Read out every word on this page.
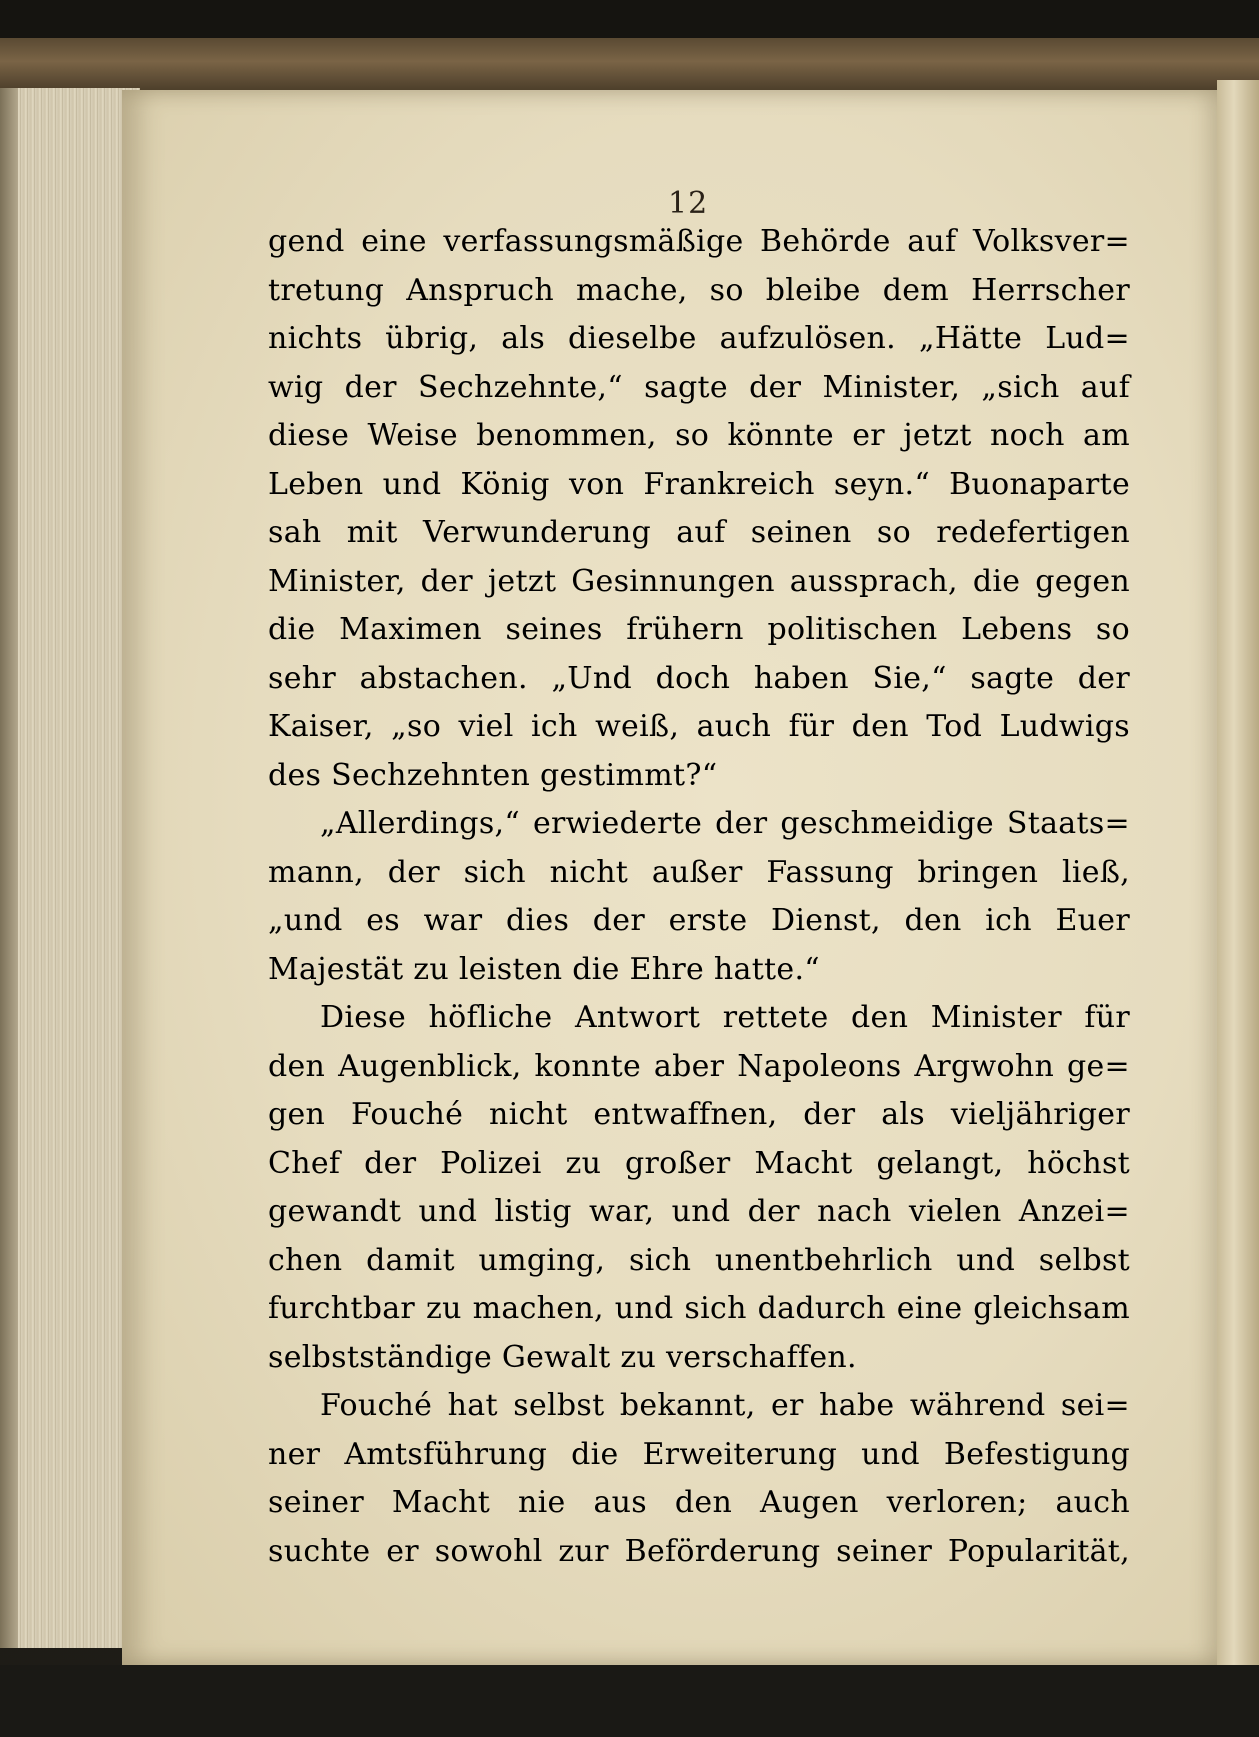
12
gend eine verfassungsmäßige Behörde auf Volksver=
tretung Anspruch mache, so bleibe dem Herrscher
nichts übrig, als dieselbe aufzulösen. „Hätte Lud=
wig der Sechzehnte,“ sagte der Minister, „sich auf
diese Weise benommen, so könnte er jetzt noch am
Leben und König von Frankreich seyn.“ Buonaparte
sah mit Verwunderung auf seinen so redefertigen
Minister, der jetzt Gesinnungen aussprach, die gegen
die Maximen seines frühern politischen Lebens so
sehr abstachen. „Und doch haben Sie,“ sagte der
Kaiser, „so viel ich weiß, auch für den Tod Ludwigs
des Sechzehnten gestimmt?“
„Allerdings,“ erwiederte der geschmeidige Staats=
mann, der sich nicht außer Fassung bringen ließ,
„und es war dies der erste Dienst, den ich Euer
Majestät zu leisten die Ehre hatte.“
Diese höfliche Antwort rettete den Minister für
den Augenblick, konnte aber Napoleons Argwohn ge=
gen Fouché nicht entwaffnen, der als vieljähriger
Chef der Polizei zu großer Macht gelangt, höchst
gewandt und listig war, und der nach vielen Anzei=
chen damit umging, sich unentbehrlich und selbst
furchtbar zu machen, und sich dadurch eine gleichsam
selbstständige Gewalt zu verschaffen.
Fouché hat selbst bekannt, er habe während sei=
ner Amtsführung die Erweiterung und Befestigung
seiner Macht nie aus den Augen verloren; auch
suchte er sowohl zur Beförderung seiner Popularität,
